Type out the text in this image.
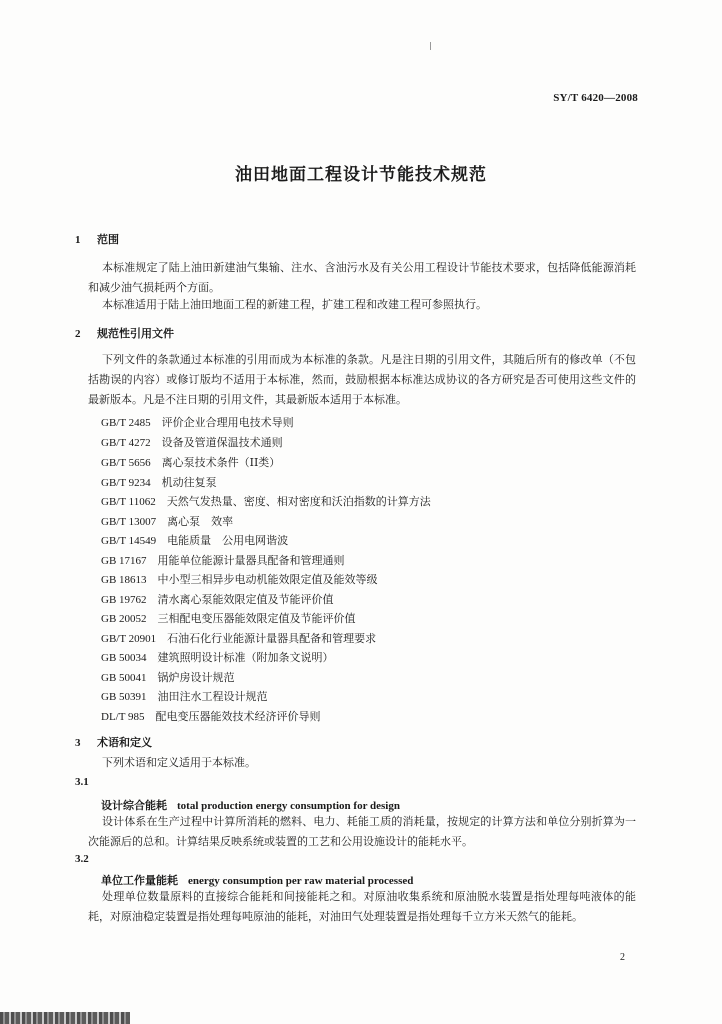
SY/T 6420—2008
油田地面工程设计节能技术规范
1 范围
本标准规定了陆上油田新建油气集输、注水、含油污水及有关公用工程设计节能技术要求，包括降低能源消耗和减少油气损耗两个方面。
本标准适用于陆上油田地面工程的新建工程，扩建工程和改建工程可参照执行。
2 规范性引用文件
下列文件的条款通过本标准的引用而成为本标准的条款。凡是注日期的引用文件，其随后所有的修改单（不包括勘误的内容）或修订版均不适用于本标准，然而，鼓励根据本标准达成协议的各方研究是否可使用这些文件的最新版本。凡是不注日期的引用文件，其最新版本适用于本标准。
GB/T 2485　 评价企业合理用电技术导则
GB/T 4272　 设备及管道保温技术通则
GB/T 5656　 离心泵技术条件（II类）
GB/T 9234　 机动往复泵
GB/T 11062　 天然气发热量、密度、相对密度和沃泊指数的计算方法
GB/T 13007　 离心泵　效率
GB/T 14549　 电能质量　公用电网谐波
GB 17167　 用能单位能源计量器具配备和管理通则
GB 18613　 中小型三相异步电动机能效限定值及能效等级
GB 19762　 清水离心泵能效限定值及节能评价值
GB 20052　 三相配电变压器能效限定值及节能评价值
GB/T 20901　 石油石化行业能源计量器具配备和管理要求
GB 50034　 建筑照明设计标准（附加条文说明）
GB 50041　 锅炉房设计规范
GB 50391　 油田注水工程设计规范
DL/T 985　 配电变压器能效技术经济评价导则
3 术语和定义
下列术语和定义适用于本标准。
3.1
设计综合能耗 total production energy consumption for design
设计体系在生产过程中计算所消耗的燃料、电力、耗能工质的消耗量，按规定的计算方法和单位分别折算为一次能源后的总和。计算结果反映系统或装置的工艺和公用设施设计的能耗水平。
3.2
单位工作量能耗 energy consumption per raw material processed
处理单位数量原料的直接综合能耗和间接能耗之和。对原油收集系统和原油脱水装置是指处理每吨液体的能耗，对原油稳定装置是指处理每吨原油的能耗，对油田气处理装置是指处理每千立方米天然气的能耗。
2
